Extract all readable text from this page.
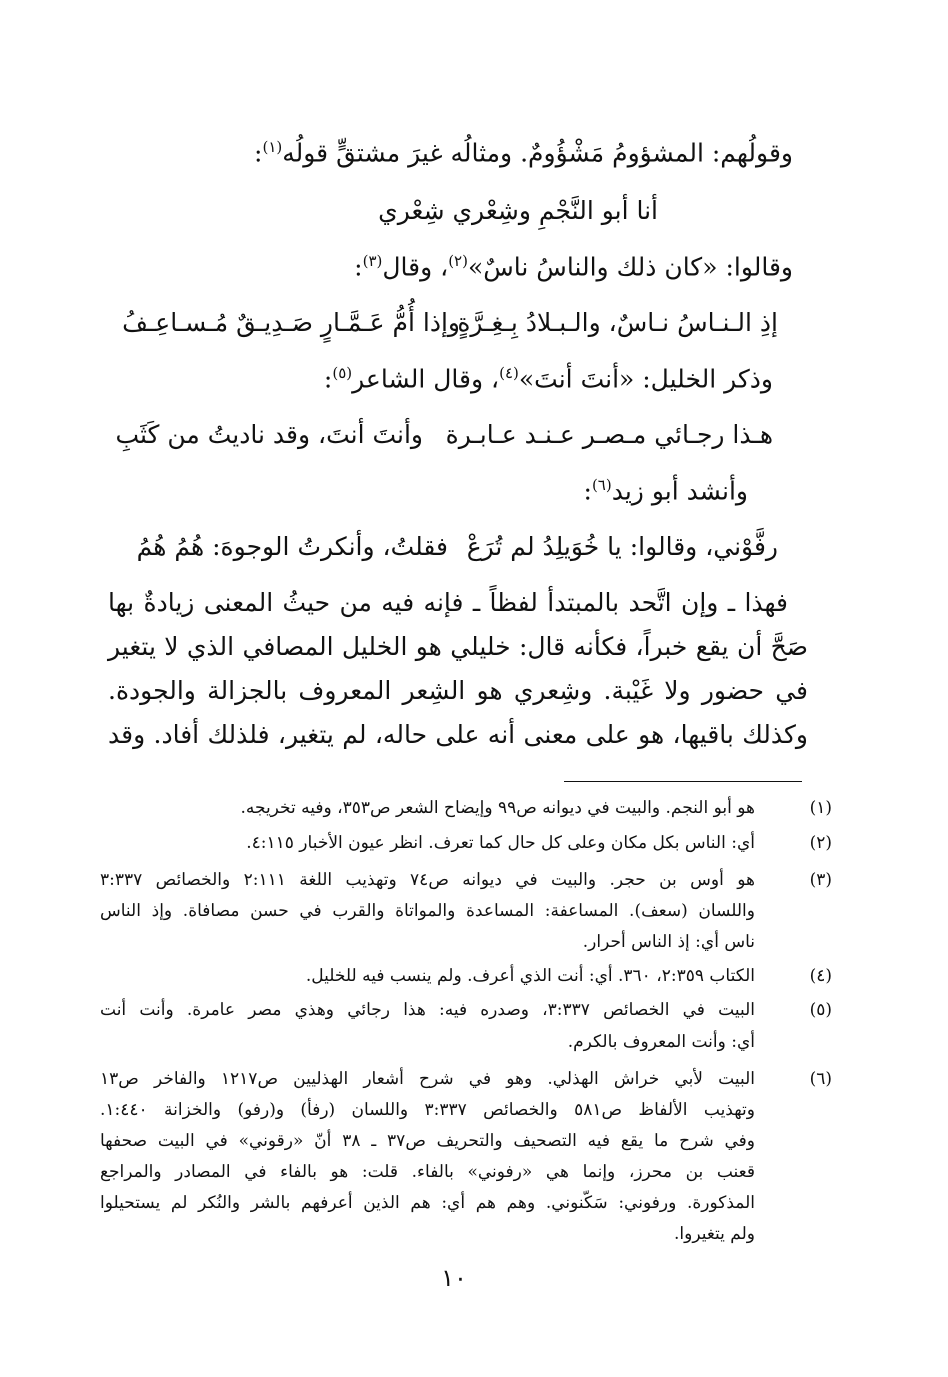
وقولُهم: المشؤومُ مَشْؤُومٌ. ومثالُه غيرَ مشتقٍّ قولُه$^{(١)}$:
أنا أبو النَّجْمِ وشِعْري شِعْري
وقالوا: «كان ذلك والناسُ ناسٌ»$^{(٢)}$، وقال$^{(٣)}$:
إذِ الـنـاسُ نـاسٌ، والـبـلادُ بِـغِـرَّةٍ
وإذا أُمُّ عَـمَّـارٍ صَـدِيـقٌ مُـسـاعِـفُ
وذكر الخليل: «أنتَ أنتَ»$^{(٤)}$، وقال الشاعر$^{(٥)}$:
هـذا رجـائي مـصـر عـنـد عـابـرة
وأنتَ أنتَ، وقد ناديتُ من كَثَبِ
وأنشد أبو زيد$^{(٦)}$:
رفَّوْني، وقالوا: يا خُوَيلِدُ لم تُرَعْ
فقلتُ، وأنكرتُ الوجوهَ: هُمُ هُمُ
فهذا ـ وإن اتَّحد بالمبتدأ لفظاً ـ فإنه فيه من حيثُ المعنى زيادةٌ بها
صَحَّ أن يقع خبراً، فكأنه قال: خليلي هو الخليل المصافي الذي لا يتغير
في حضور ولا غَيْبة. وشِعري هو الشِعر المعروف بالجزالة والجودة.
وكذلك باقيها، هو على معنى أنه على حاله، لم يتغير، فلذلك أفاد. وقد
(١)
هو أبو النجم. والبيت في ديوانه ص٩٩ وإيضاح الشعر ص٣٥٣، وفيه تخريجه.
(٢)
أي: الناس بكل مكان وعلى كل حال كما تعرف. انظر عيون الأخبار ٤:١١٥.
(٣)
هو أوس بن حجر. والبيت في ديوانه ص٧٤ وتهذيب اللغة ٢:١١١ والخصائص ٣:٣٣٧
واللسان (سعف). المساعفة: المساعدة والمواتاة والقرب في حسن مصافاة. وإذ الناس
ناس أي: إذ الناس أحرار.
(٤)
الكتاب ٢:٣٥٩، ٣٦٠. أي: أنت الذي أعرف. ولم ينسب فيه للخليل.
(٥)
البيت في الخصائص ٣:٣٣٧، وصدره فيه: هذا رجائي وهذي مصر عامرة. وأنت أنت
أي: وأنت المعروف بالكرم.
(٦)
البيت لأبي خراش الهذلي. وهو في شرح أشعار الهذليين ص١٢١٧ والفاخر ص١٣
وتهذيب الألفاظ ص٥٨١ والخصائص ٣:٣٣٧ واللسان (رفأ) و(رفو) والخزانة ١:٤٤٠.
وفي شرح ما يقع فيه التصحيف والتحريف ص٣٧ ـ ٣٨ أنّ «رقوني» في البيت صحفها
قعنب بن محرز، وإنما هي «رفوني» بالفاء. قلت: هو بالفاء في المصادر والمراجع
المذكورة. ورفوني: سَكّنوني. وهم هم أي: هم الذين أعرفهم بالشر والنُكر لم يستحيلوا
ولم يتغيروا.
١٠
